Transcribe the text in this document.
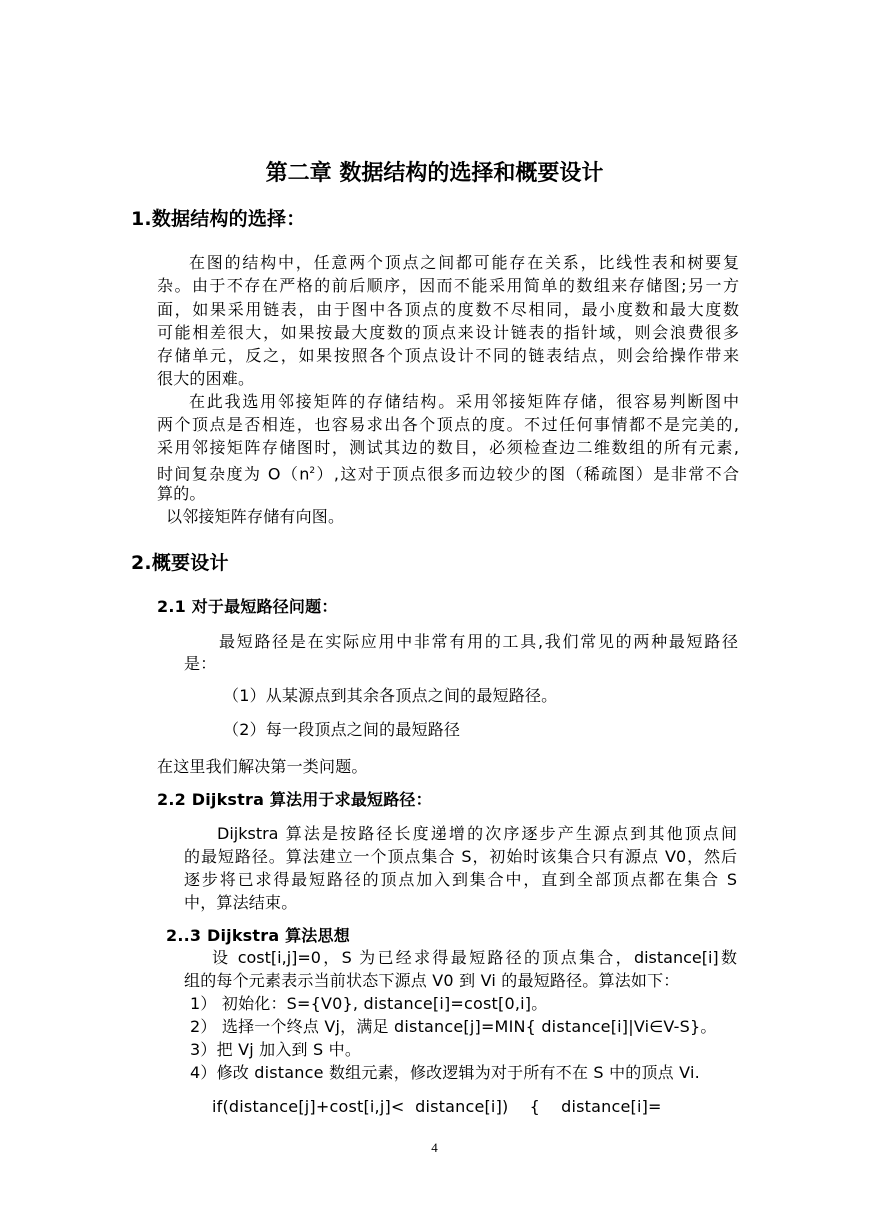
第二章 数据结构的选择和概要设计
1.数据结构的选择：
在图的结构中，任意两个顶点之间都可能存在关系，比线性表和树要复
杂。由于不存在严格的前后顺序，因而不能采用简单的数组来存储图;另一方
面，如果采用链表，由于图中各顶点的度数不尽相同，最小度数和最大度数
可能相差很大，如果按最大度数的顶点来设计链表的指针域，则会浪费很多
存储单元，反之，如果按照各个顶点设计不同的链表结点，则会给操作带来
很大的困难。
在此我选用邻接矩阵的存储结构。采用邻接矩阵存储，很容易判断图中
两个顶点是否相连，也容易求出各个顶点的度。不过任何事情都不是完美的,
采用邻接矩阵存储图时，测试其边的数目，必须检查边二维数组的所有元素,
时间复杂度为 $O(n^2)$,这对于顶点很多而边较少的图（稀疏图）是非常不合
算的。
以邻接矩阵存储有向图。
2.概要设计
2.1 对于最短路径问题：
最短路径是在实际应用中非常有用的工具,我们常见的两种最短路径
是：
（1）从某源点到其余各顶点之间的最短路径。
（2）每一段顶点之间的最短路径
在这里我们解决第一类问题。
2.2 Dijkstra 算法用于求最短路径：
Dijkstra 算法是按路径长度递增的次序逐步产生源点到其他顶点间
的最短路径。算法建立一个顶点集合 S，初始时该集合只有源点 V0，然后
逐步将已求得最短路径的顶点加入到集合中，直到全部顶点都在集合 S
中，算法结束。
2..3 Dijkstra 算法思想
设 cost[i,j]=0，S 为已经求得最短路径的顶点集合，distance[i]数
组的每个元素表示当前状态下源点 V0 到 Vi 的最短路径。算法如下：
1） 初始化：S={V0}, distance[i]=cost[0,i]。
2） 选择一个终点 Vj，满足 distance[j]=MIN{ distance[i]|Vi∈V-S}。
3）把 Vj 加入到 S 中。
4）修改 distance 数组元素，修改逻辑为对于所有不在 S 中的顶点 Vi.
if(distance[j]+cost[i,j]<  distance[i])    {    distance[i]=
4
